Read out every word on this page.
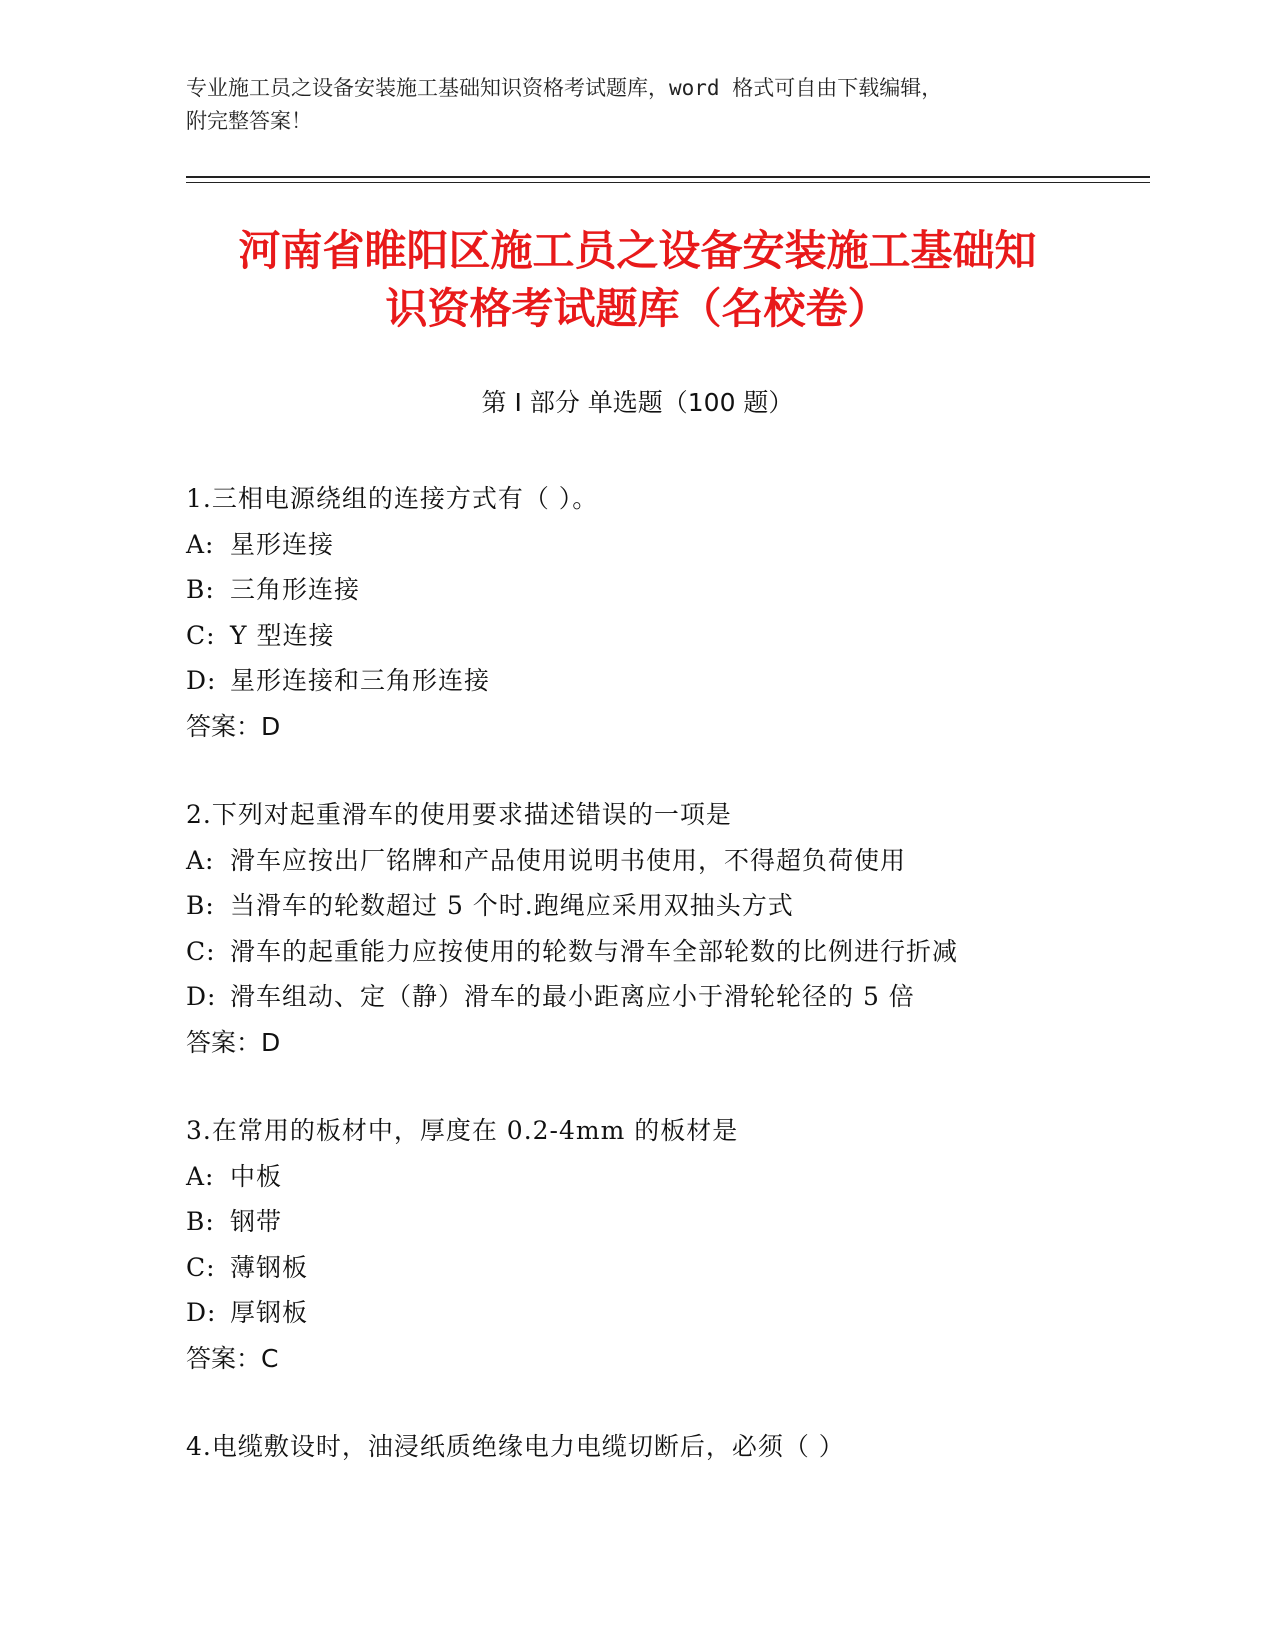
专业施工员之设备安装施工基础知识资格考试题库，word 格式可自由下载编辑，
附完整答案！
河南省睢阳区施工员之设备安装施工基础知
识资格考试题库（名校卷）
第 I 部分 单选题（100 题）
1.三相电源绕组的连接方式有（ ）。
A: 星形连接
B: 三角形连接
C: Y 型连接
D: 星形连接和三角形连接
答案：D
2.下列对起重滑车的使用要求描述错误的一项是
A: 滑车应按出厂铭牌和产品使用说明书使用，不得超负荷使用
B: 当滑车的轮数超过 5 个时.跑绳应采用双抽头方式
C: 滑车的起重能力应按使用的轮数与滑车全部轮数的比例进行折减
D: 滑车组动、定（静）滑车的最小距离应小于滑轮轮径的 5 倍
答案：D
3.在常用的板材中，厚度在 0.2-4mm 的板材是
A: 中板
B: 钢带
C: 薄钢板
D: 厚钢板
答案：C
4.电缆敷设时，油浸纸质绝缘电力电缆切断后，必须（ ）
